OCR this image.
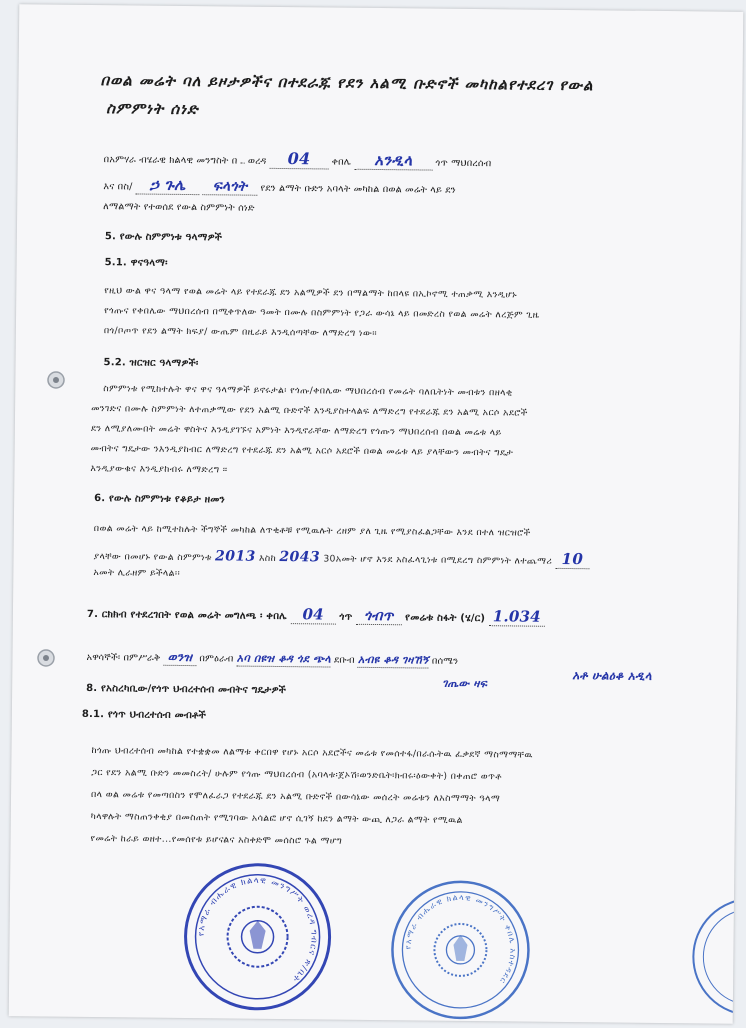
በወል መሬት ባለ ይዞታዎችና በተደራጁ የደን አልሚ ቡድኖች መካከልየተደረገ የውል
ስምምነት ሰነድ
በአምሃራ ብሄራዊ ክልላዊ መንግስት በ ወረዳ 04 ቀበሌ አንዲላ ጎጥ ማህበረሰብ
እና በስ/ ኃ ጉሌ ፍላጎት የደን ልማት ቡድን አባላት መካከል በወል መሬት ላይ ደን
ለማልማት የተወሰደ የውል ስምምነት ሰነድ
5. የውሉ ስምምነቱ ዓላማዎች
5.1. ዋናዓላማ፡
የዚህ ውል ዋና ዓላማ የወል መሬት ላይ የተደራጁ ደን አልሚዎች ደን በማልማት ከበላዩ በኢኮኖሚ ተጠቃሚ እንዲሆኑ
የጎጡና የቀበሌው ማህበረሰብ በሚቀጥለው ዓመት በሙሉ በስምምነት የጋራ ውሳኔ ላይ በመድረስ የወል መሬት ለረጅም ጊዜ
በጎ/ቦጦጥ የደን ልማት ክፍያ/ ውጤም በዚራይ እንዲሰጣቸው ለማድረግ ነው።
5.2. ዝርዝር ዓላማዎች፡
ስምምነቱ የሚከተሉት ዋና ዋና ዓላማዎች ይኖሩታል፡ የጎጡ/ቀበሌው ማህበረሰብ የመሬት ባለቤትነት መብቱን በዘላቂ
መንገድና በሙሉ ስምምነት ለተጠቃሚው የደን አልሚ ቡድኖች እንዲያስተላልፍ ለማድረግ የተደራጁ ደን አልሚ አርሶ አደሮች
ደን ለሚያለሙበት መሬት ዋስትና እንዲያገኙና አምነት እንዲኖራቸው ለማድረግ የጎጡን ማህበረሰብ በወል መሬቱ ላይ
መብትና ግዴታው ንእንዲያከብር ለማድረግ የተደራጁ ደን አልሚ አርሶ አደሮች በወል መሬቱ ላይ ያላቸውን መብትና ግዴታ
እንዲያውቁና እንዲያከብሩ ለማድረግ ።
6. የውሉ ስምምነቱ የቆይታ ዘመን
በወል መሬት ላይ ከሚተከሉት ችግኞች መካከል ለጥቂቶቹ የሚዉሉት ረዘም ያለ ጊዜ የሚያስፈልጋቸው እንደ በተለ ዝርዝሮች
ያላቸው በመሆኑ የውል ስምምነቱ 2013 እስከ 2043 30አመት ሆኖ እንደ አስፈላጊነቱ በሚደረግ ስምምነት ለተጨማሪ 10
አመት ሊራዘም ይችላል፡፡
7. ርክክብ የተደረገበት የወል መሬት መግለጫ ፡ ቀበሌ 04 ጎጥ ጎብጥ የመሬቱ ስፋት (ሄ/ር) 1.034
አዋሳኞች፡ በምሥራቅ ወንዝ በምዕራብ አባ በዩዝ ቆዳ ጎደ ጭላ ደቡብ አብዩ ቆዳ ገዛኸኝ በሰሜን
አቶ ሁልዕቆ አዲላ
ገጤው ዛፍ
8. የአስረካቢው/የጎጥ ህብረተሰብ መብትና ግዴታዎች
8.1. የጎጥ ህብረተሰብ መብቶች
ከጎጡ ህብረተሰብ መካከል የተቋቋመ ለልማቱ ቀርበዋ የሆኑ አርሶ አደሮችና መሬቱ የመሰተፋ/በራሱትዉ ፈቃደኛ ማስማማቸዉ
ጋር የደን አልሚ ቡድን መመስረት/ ሁሉም የጎጡ ማህበረሰብ (አባላቱ፡ጀኦሽ፡ወንድቤት፡ክብሩ፡ዕውቀት) በቀጠሮ ወጥቶ
በላ ወል መሬቱ የመጣበስን የሞለፈራጋ የተደራጁ ደን አልሚ ቡድኖች በውሳኔው መሰረት መሬቱን ለአስማማት ዓላማ
ካላዋሉት ማስጠንቀቂያ በመስጠት የሚገባው አሳልፎ ሆኖ ሲገኝ ከደን ልማት ውጪ ለጋራ ልማት የሚዉል
የመሬት ከራይ ወዘተ...የመሰየቱ ይሆናልና አስቀድሞ መሰስሮ ጉል ማሆግ
የአማራ ብሔራዊ ክልላዊ መንግሥት ወረዳ ግብርና ጽ/ቤት
የአማራ ብሔራዊ ክልላዊ መንግሥት ቀበሌ አስተዳደር
